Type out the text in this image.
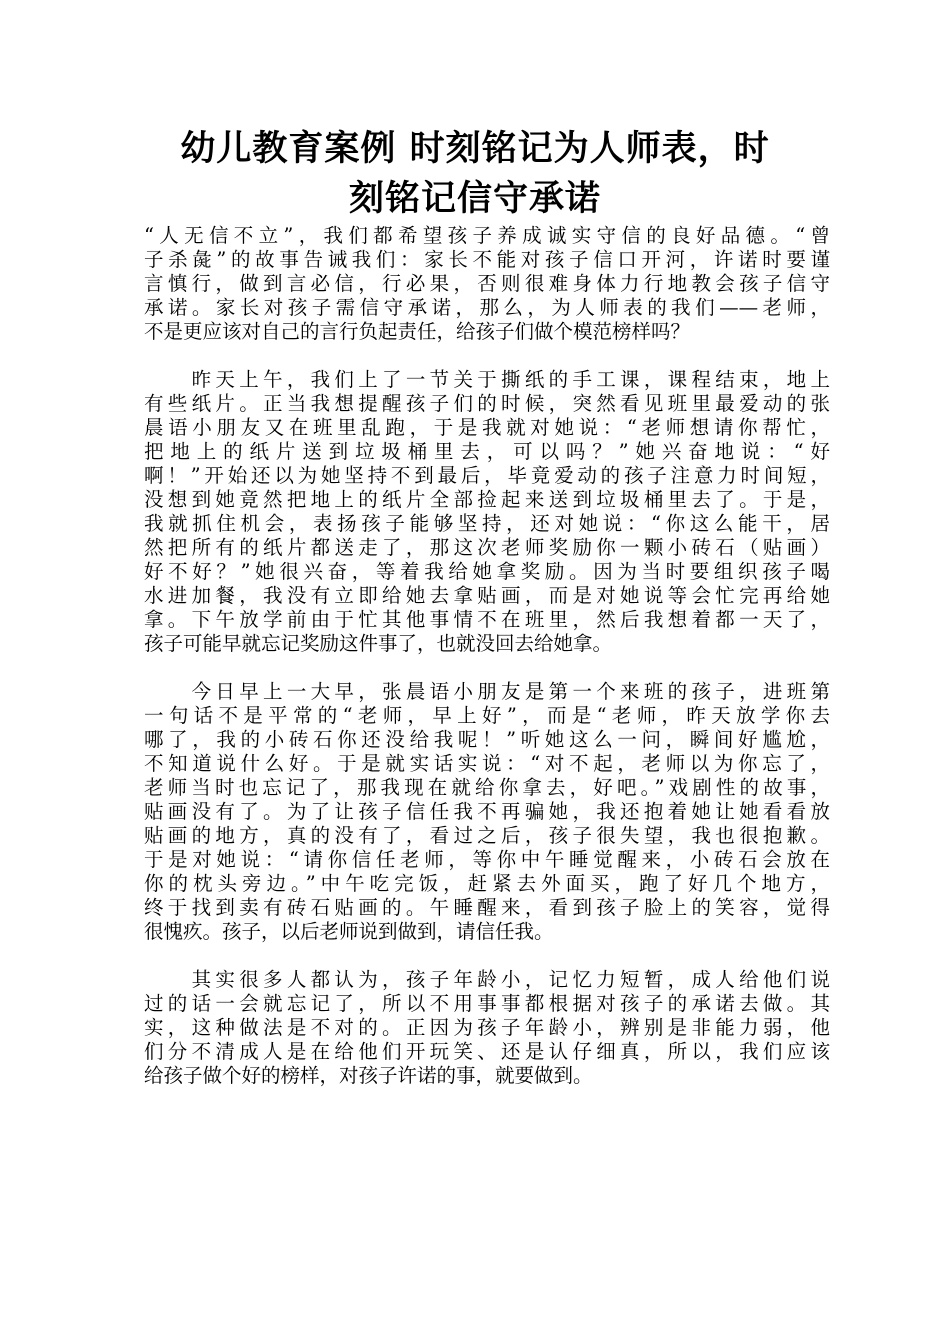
幼儿教育案例 时刻铭记为人师表，时
刻铭记信守承诺

“人无信不立”，我们都希望孩子养成诚实守信的良好品德。“曾
子杀彘”的故事告诫我们：家长不能对孩子信口开河，许诺时要谨
言慎行，做到言必信，行必果，否则很难身体力行地教会孩子信守
承诺。家长对孩子需信守承诺，那么，为人师表的我们——老师，
不是更应该对自己的言行负起责任，给孩子们做个模范榜样吗？

　　昨天上午，我们上了一节关于撕纸的手工课，课程结束，地上
有些纸片。正当我想提醒孩子们的时候，突然看见班里最爱动的张
晨语小朋友又在班里乱跑，于是我就对她说：“老师想请你帮忙，
把地上的纸片送到垃圾桶里去，可以吗？”她兴奋地说：“好
啊！”开始还以为她坚持不到最后，毕竟爱动的孩子注意力时间短，
没想到她竟然把地上的纸片全部捡起来送到垃圾桶里去了。于是，
我就抓住机会，表扬孩子能够坚持，还对她说：“你这么能干，居
然把所有的纸片都送走了，那这次老师奖励你一颗小砖石（贴画）
好不好？”她很兴奋，等着我给她拿奖励。因为当时要组织孩子喝
水进加餐，我没有立即给她去拿贴画，而是对她说等会忙完再给她
拿。下午放学前由于忙其他事情不在班里，然后我想着都一天了，
孩子可能早就忘记奖励这件事了，也就没回去给她拿。

　　今日早上一大早，张晨语小朋友是第一个来班的孩子，进班第
一句话不是平常的“老师，早上好”，而是“老师，昨天放学你去
哪了，我的小砖石你还没给我呢！”听她这么一问，瞬间好尴尬，
不知道说什么好。于是就实话实说：“对不起，老师以为你忘了，
老师当时也忘记了，那我现在就给你拿去，好吧。”戏剧性的故事，
贴画没有了。为了让孩子信任我不再骗她，我还抱着她让她看看放
贴画的地方，真的没有了，看过之后，孩子很失望，我也很抱歉。
于是对她说：“请你信任老师，等你中午睡觉醒来，小砖石会放在
你的枕头旁边。”中午吃完饭，赶紧去外面买，跑了好几个地方，
终于找到卖有砖石贴画的。午睡醒来，看到孩子脸上的笑容，觉得
很愧疚。孩子，以后老师说到做到，请信任我。

　　其实很多人都认为，孩子年龄小，记忆力短暂，成人给他们说
过的话一会就忘记了，所以不用事事都根据对孩子的承诺去做。其
实，这种做法是不对的。正因为孩子年龄小，辨别是非能力弱，他
们分不清成人是在给他们开玩笑、还是认仔细真，所以，我们应该
给孩子做个好的榜样，对孩子许诺的事，就要做到。
